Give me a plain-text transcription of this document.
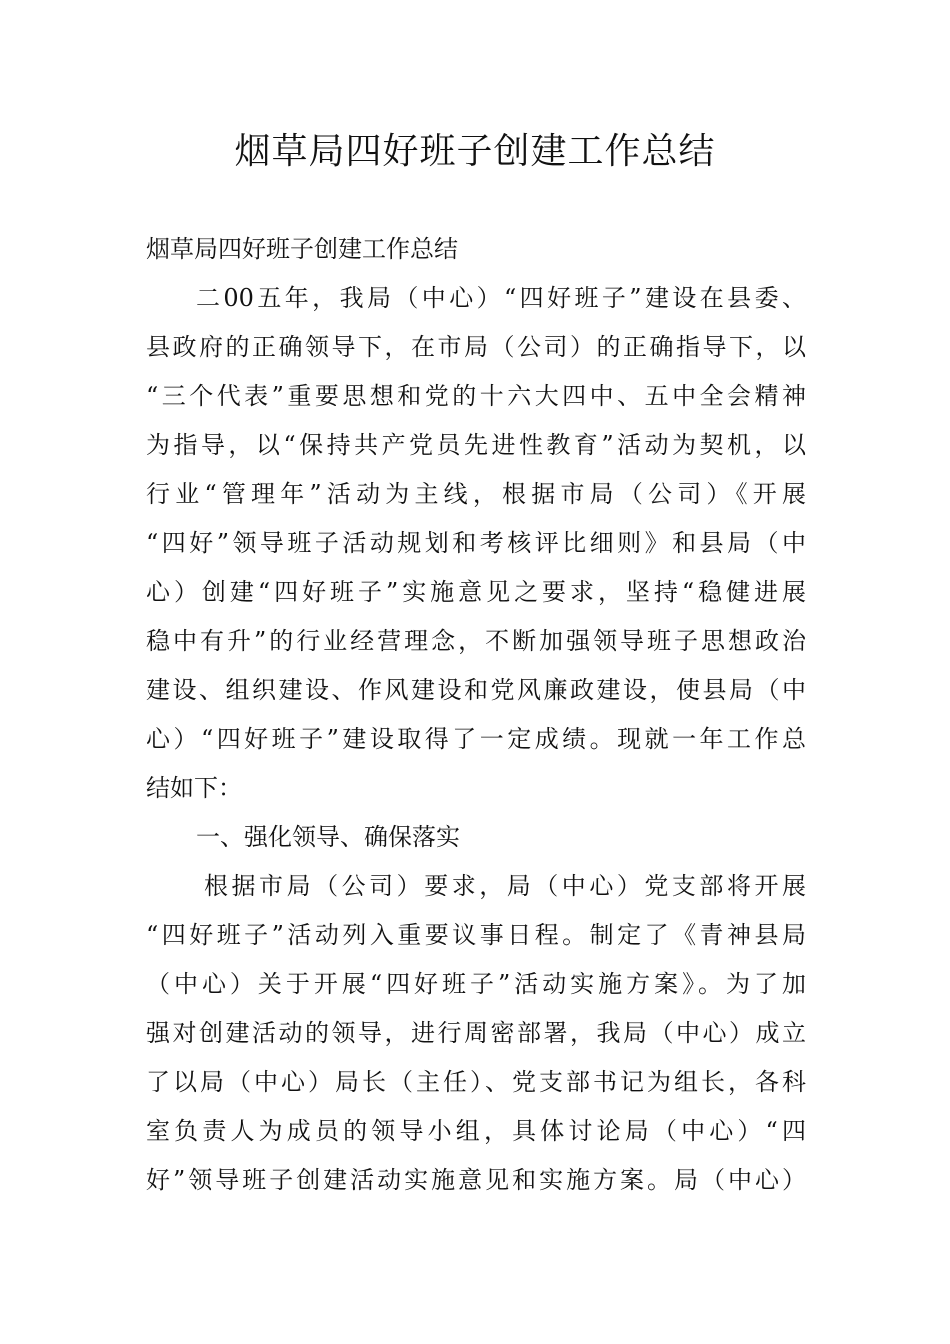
烟草局四好班子创建工作总结
烟草局四好班子创建工作总结
二00五年，我局（中心）“四好班子”建设在县委、
县政府的正确领导下，在市局（公司）的正确指导下，以
“三个代表”重要思想和党的十六大四中、五中全会精神
为指导，以“保持共产党员先进性教育”活动为契机，以
行业“管理年”活动为主线，根据市局（公司）《开展
“四好”领导班子活动规划和考核评比细则》和县局（中
心）创建“四好班子”实施意见之要求，坚持“稳健进展
稳中有升”的行业经营理念，不断加强领导班子思想政治
建设、组织建设、作风建设和党风廉政建设，使县局（中
心）“四好班子”建设取得了一定成绩。现就一年工作总
结如下：
一、强化领导、确保落实
根据市局（公司）要求，局（中心）党支部将开展
“四好班子”活动列入重要议事日程。制定了《青神县局
（中心）关于开展“四好班子”活动实施方案》。为了加
强对创建活动的领导，进行周密部署，我局（中心）成立
了以局（中心）局长（主任）、党支部书记为组长，各科
室负责人为成员的领导小组，具体讨论局（中心）“四
好”领导班子创建活动实施意见和实施方案。局（中心）
